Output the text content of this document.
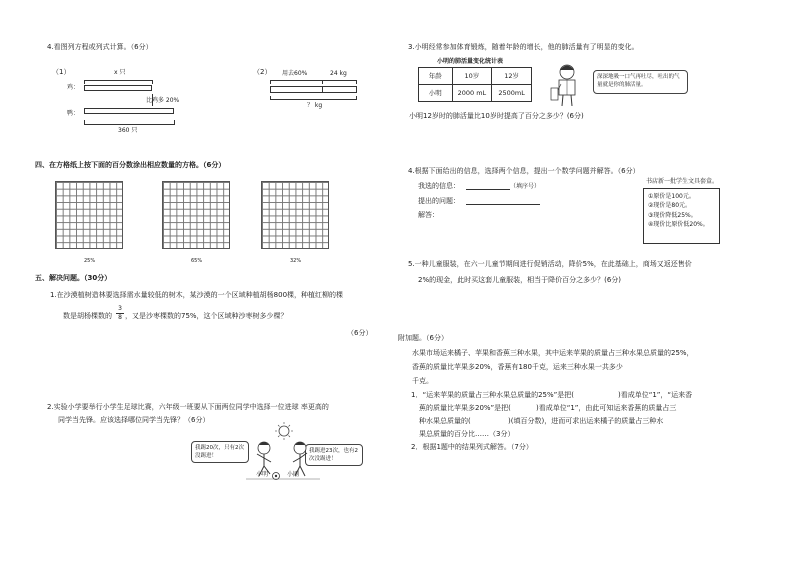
4.看图列方程或列式计算。（6分）
（1）	x 只
鸡：
鸭：
比鸡多 20%
360 只
（2） 用去60%	24 kg
？ kg
四、在方格纸上按下面的百分数涂出相应数量的方格。（6分）
25%	65%	32%
五、解决问题。（30分）
1.在沙漠植树造林要选择需水量较低的树木，某沙漠的一个区域种植胡杨800棵，种植红柳的棵
数是胡杨棵数的
3
8 ，又是沙枣棵数的75%，这个区域种沙枣树多少棵？
（6分）
2.实验小学要举行小学生足球比赛，六年级一班要从下面两位同学中选择一位进球 率更高的
同学当先锋。应该选择哪位同学当先锋？（6分）
我踢20次，只有2次没踢进！
我踢进23次，也有2次没踢进！
小明	小刚
3.小明经常参加体育锻炼，随着年龄的增长，他的肺活量有了明显的变化。
小明的肺活量变化统计表
年龄	10岁	12岁
小明	2000 mL	2500mL
深深地吸一口气再吐尽，吐出的气量就是你的肺活量。
小明12岁时的肺活量比10岁时提高了百分之多少？(6分)
4.根据下面给出的信息，选择两个信息，提出一个数学问题并解答。（6分）
我选的信息：	（填序号）
提出的问题：
解答：
书店新一批学生文具套盒。
①原价是100元。
②现价是80元。
③现价降低25%。
④现价比原价低20%。
5.一种儿童服装，在六一儿童节期间进行促销活动，降价5%，在此基础上，商场又返还售价
2%的现金，此时买这套儿童服装，相当于降价百分之多少？(6分)
附加题。（6分）
水果市场运来橘子、苹果和香蕉三种水果，其中运来苹果的质量占三种水果总质量的25%，
香蕉的质量比苹果多20%，香蕉有180千克，运来三种水果一共多少
千克。
1．“运来苹果的质量占三种水果总质量的25%”是把(	)看成单位“1”，“运来香
蕉的质量比苹果多20%”是把(	)看成单位“1”，由此可知运来香蕉的质量占三
种水果总质量的(	)(填百分数)，进而可求出运来橘子的质量占三种水
果总质量的百分比……（3分）
2．根据1题中的结果列式解答。（7分）
